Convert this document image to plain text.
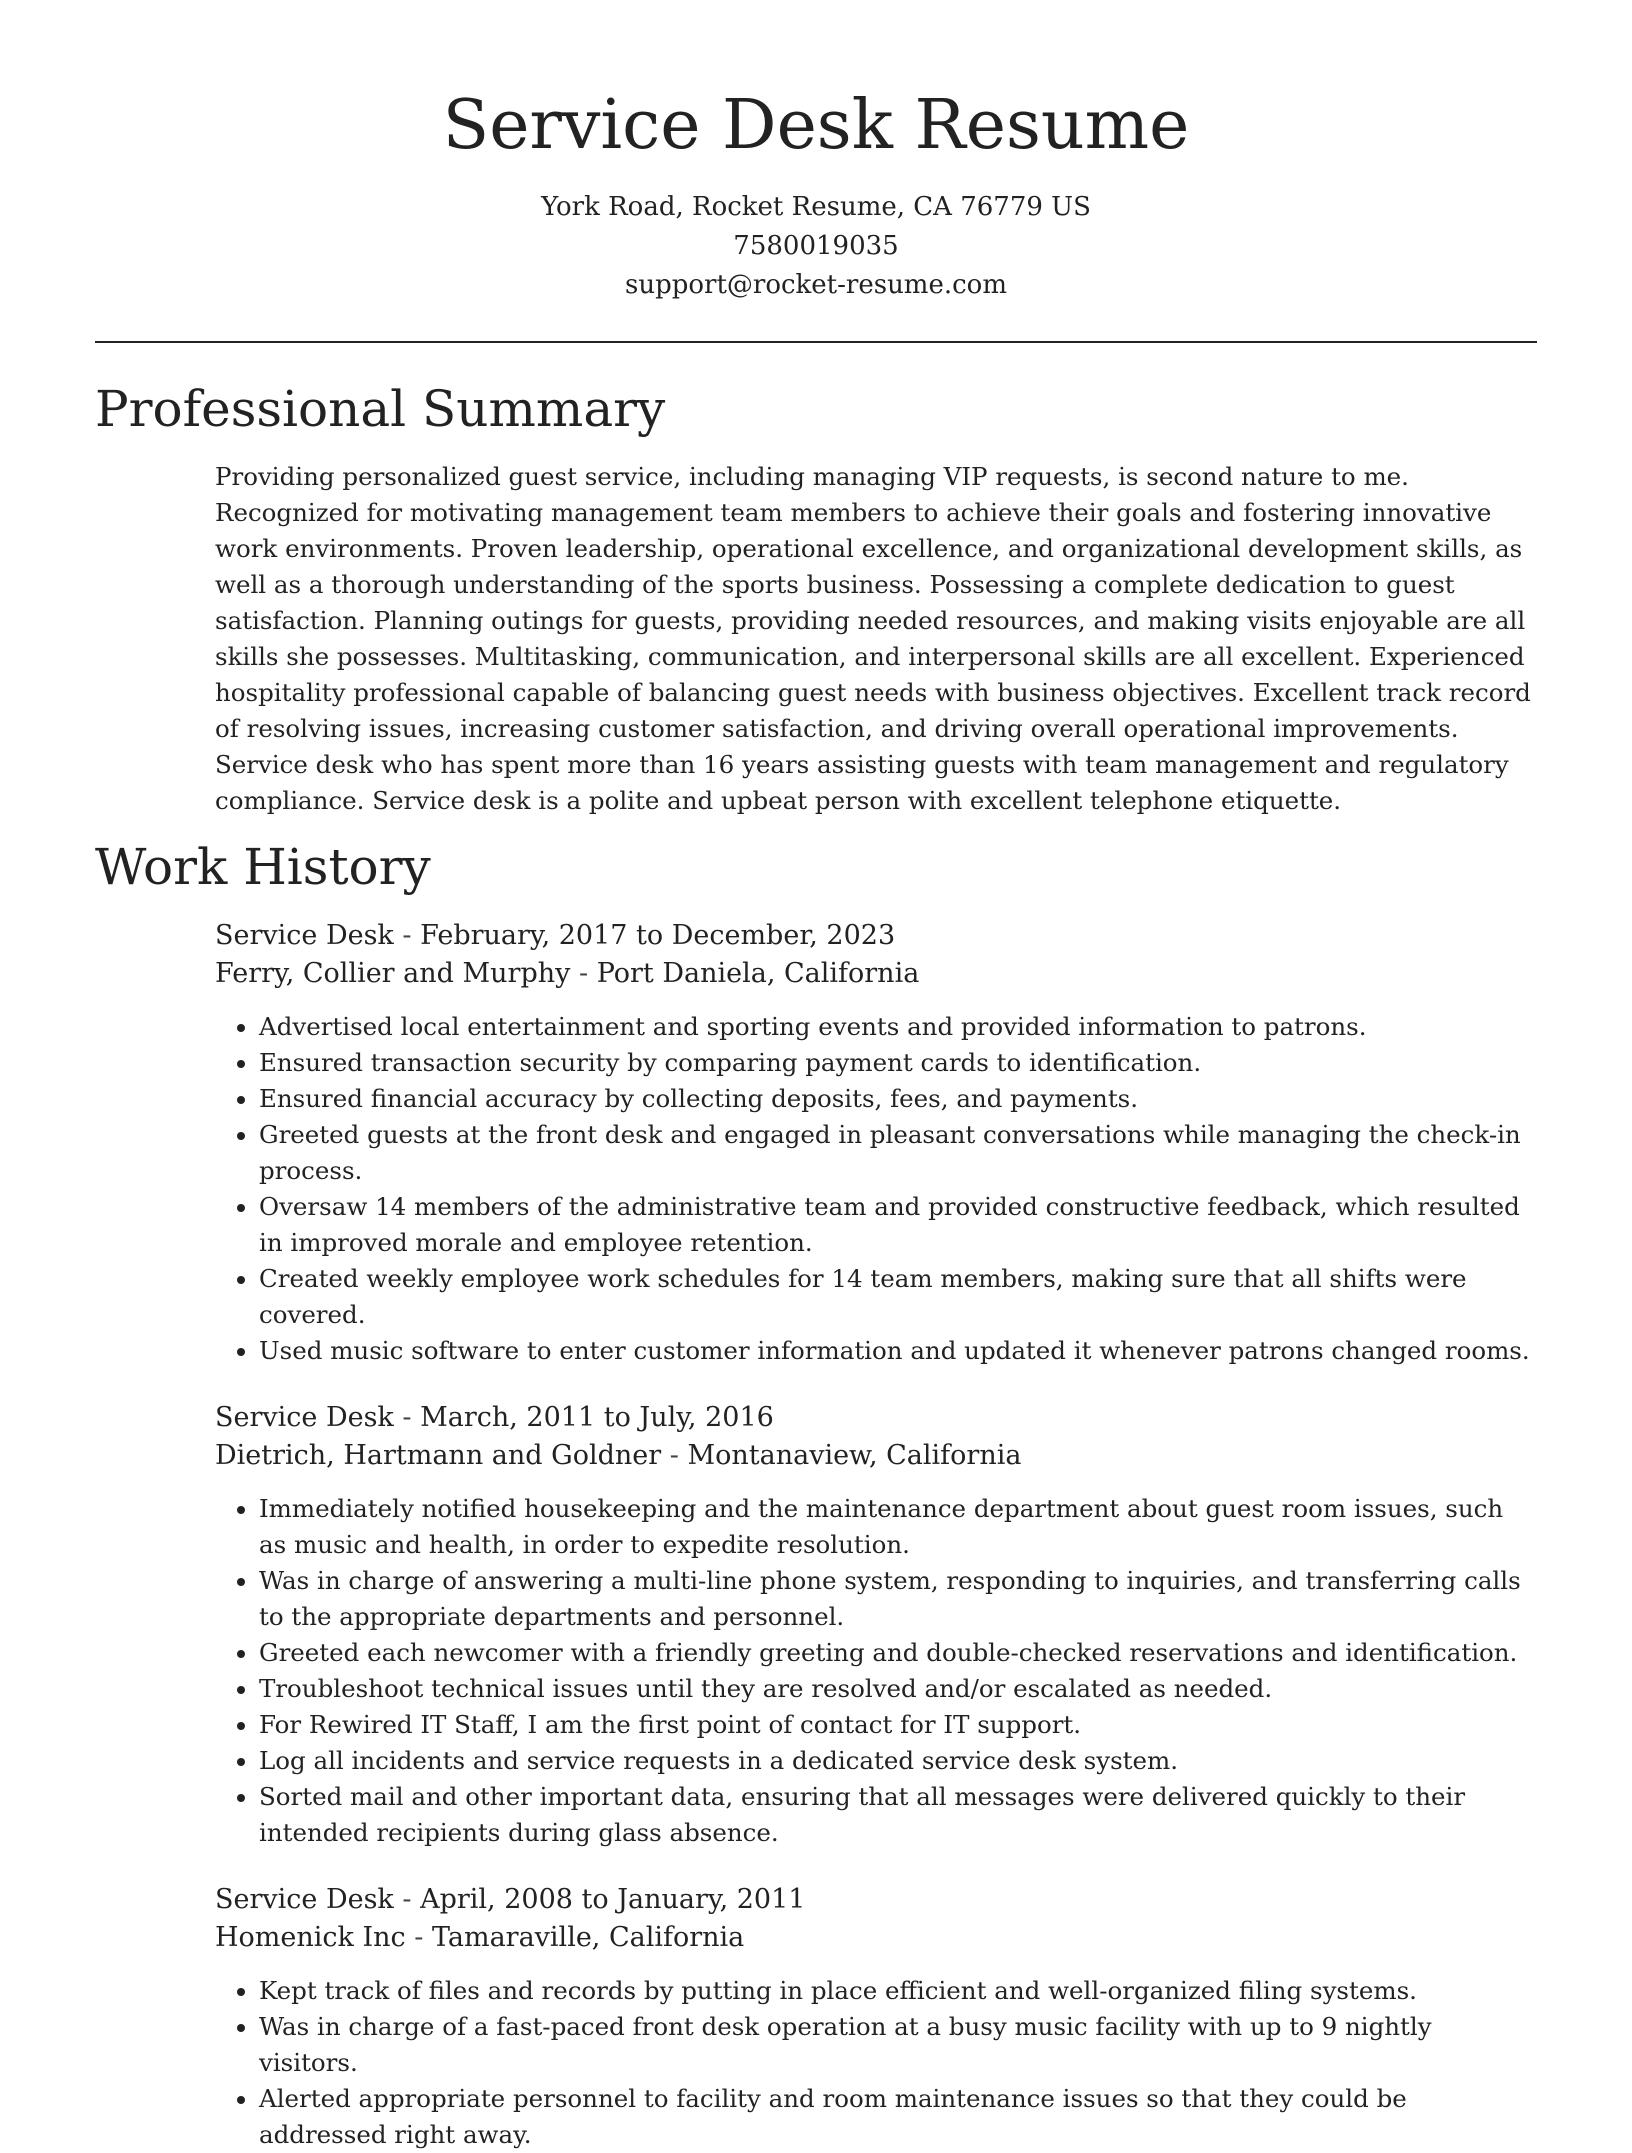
Service Desk Resume
York Road, Rocket Resume, CA 76779 US
7580019035
support@rocket-resume.com
Professional Summary

Providing personalized guest service, including managing VIP requests, is second nature to me. Recognized for motivating management team members to achieve their goals and fostering innovative work environments. Proven leadership, operational excellence, and organizational development skills, as well as a thorough understanding of the sports business. Possessing a complete dedication to guest satisfaction. Planning outings for guests, providing needed resources, and making visits enjoyable are all skills she possesses. Multitasking, communication, and interpersonal skills are all excellent. Experienced hospitality professional capable of balancing guest needs with business objectives. Excellent track record of resolving issues, increasing customer satisfaction, and driving overall operational improvements. Service desk who has spent more than 16 years assisting guests with team management and regulatory compliance. Service desk is a polite and upbeat person with excellent telephone etiquette.

Work History
Service Desk - February, 2017 to December, 2023
Ferry, Collier and Murphy - Port Daniela, California
• Advertised local entertainment and sporting events and provided information to patrons.
• Ensured transaction security by comparing payment cards to identification.
• Ensured financial accuracy by collecting deposits, fees, and payments.
• Greeted guests at the front desk and engaged in pleasant conversations while managing the check-in process.
• Oversaw 14 members of the administrative team and provided constructive feedback, which resulted in improved morale and employee retention.
• Created weekly employee work schedules for 14 team members, making sure that all shifts were covered.
• Used music software to enter customer information and updated it whenever patrons changed rooms.
Service Desk - March, 2011 to July, 2016
Dietrich, Hartmann and Goldner - Montanaview, California
• Immediately notified housekeeping and the maintenance department about guest room issues, such as music and health, in order to expedite resolution.
• Was in charge of answering a multi-line phone system, responding to inquiries, and transferring calls to the appropriate departments and personnel.
• Greeted each newcomer with a friendly greeting and double-checked reservations and identification.
• Troubleshoot technical issues until they are resolved and/or escalated as needed.
• For Rewired IT Staff, I am the first point of contact for IT support.
• Log all incidents and service requests in a dedicated service desk system.
• Sorted mail and other important data, ensuring that all messages were delivered quickly to their intended recipients during glass absence.
Service Desk - April, 2008 to January, 2011
Homenick Inc - Tamaraville, California
• Kept track of files and records by putting in place efficient and well-organized filing systems.
• Was in charge of a fast-paced front desk operation at a busy music facility with up to 9 nightly visitors.
• Alerted appropriate personnel to facility and room maintenance issues so that they could be addressed right away.
